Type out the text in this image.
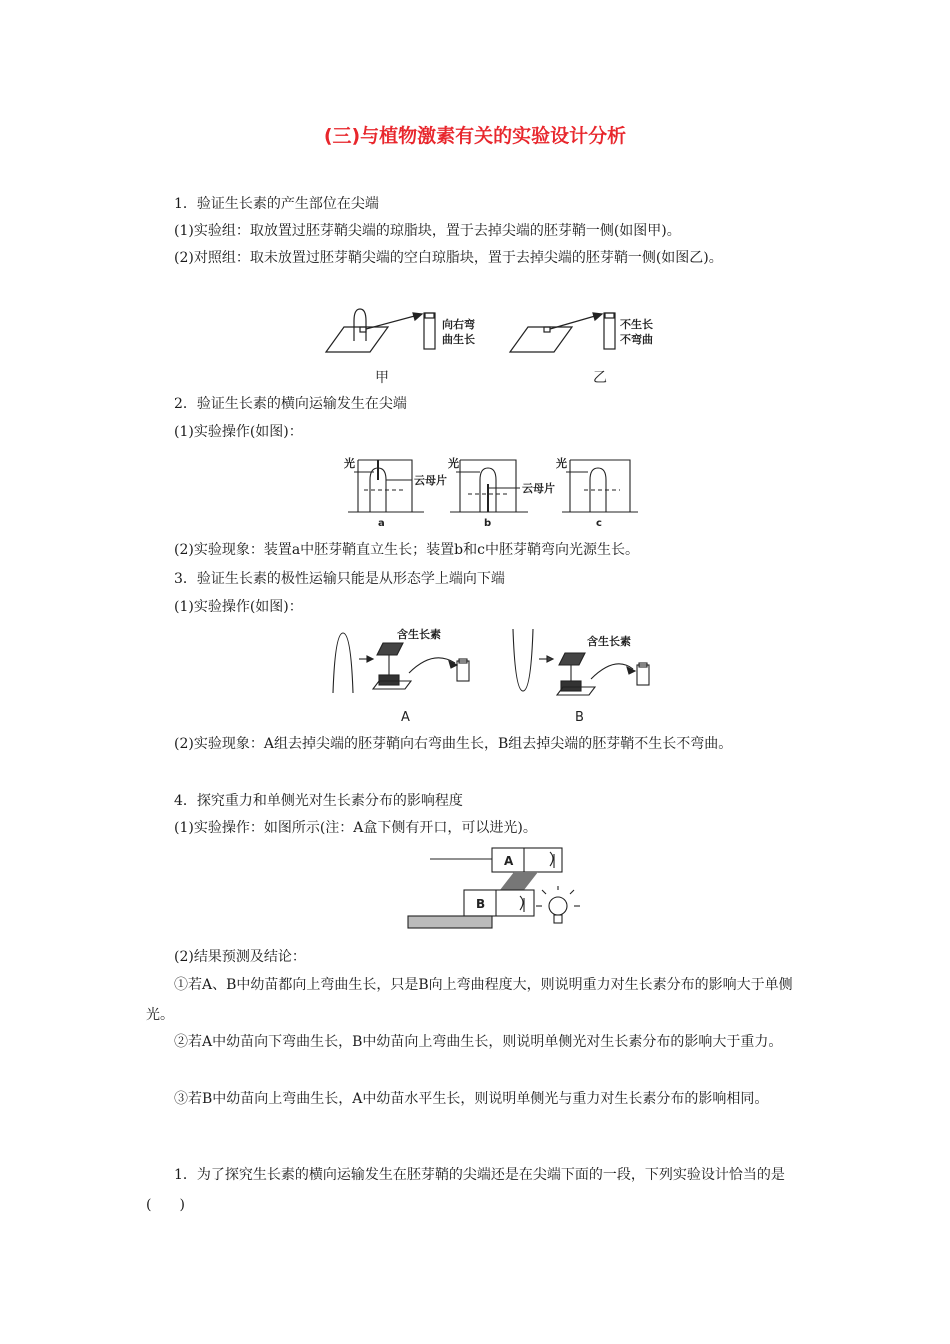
(三)与植物激素有关的实验设计分析
1．验证生长素的产生部位在尖端
(1)实验组：取放置过胚芽鞘尖端的琼脂块，置于去掉尖端的胚芽鞘一侧(如图甲)。
(2)对照组：取未放置过胚芽鞘尖端的空白琼脂块，置于去掉尖端的胚芽鞘一侧(如图乙)。
向右弯
曲生长
不生长
不弯曲
甲	乙
2．验证生长素的横向运输发生在尖端
(1)实验操作(如图)：
光
云母片
光
云母片
光
a	b	c
(2)实验现象：装置a中胚芽鞘直立生长；装置b和c中胚芽鞘弯向光源生长。
3．验证生长素的极性运输只能是从形态学上端向下端
(1)实验操作(如图)：
含生长素
含生长素
A	B
(2)实验现象：A组去掉尖端的胚芽鞘向右弯曲生长，B组去掉尖端的胚芽鞘不生长不弯曲。
4．探究重力和单侧光对生长素分布的影响程度
(1)实验操作：如图所示(注：A盒下侧有开口，可以进光)。
A
B
(2)结果预测及结论：
①若A、B中幼苗都向上弯曲生长，只是B向上弯曲程度大，则说明重力对生长素分布的影响大于单侧光。
②若A中幼苗向下弯曲生长，B中幼苗向上弯曲生长，则说明单侧光对生长素分布的影响大于重力。
③若B中幼苗向上弯曲生长，A中幼苗水平生长，则说明单侧光与重力对生长素分布的影响相同。
1．为了探究生长素的横向运输发生在胚芽鞘的尖端还是在尖端下面的一段，下列实验设计恰当的是(　　)
